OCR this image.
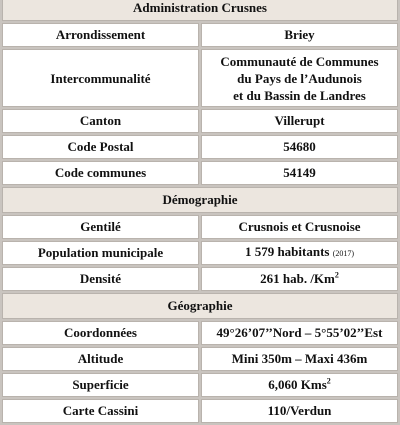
Administration Crusnes	
Arrondissement	Briey
Intercommunalité	Communauté de Communes
du Pays de l’Audunois
et du Bassin de Landres
Canton	Villerupt
Code Postal	54680
Code communes	54149
Démographie	
Gentilé	Crusnois et Crusnoise
Population municipale	1 579 habitants (2017)
Densité	261 hab. /Km$^2$
Géographie	
Coordonnées	49°26’07’’Nord – 5°55’02’’Est
Altitude	Mini 350m – Maxi 436m
Superficie	6,060 Kms$^2$
Carte Cassini	110/Verdun
